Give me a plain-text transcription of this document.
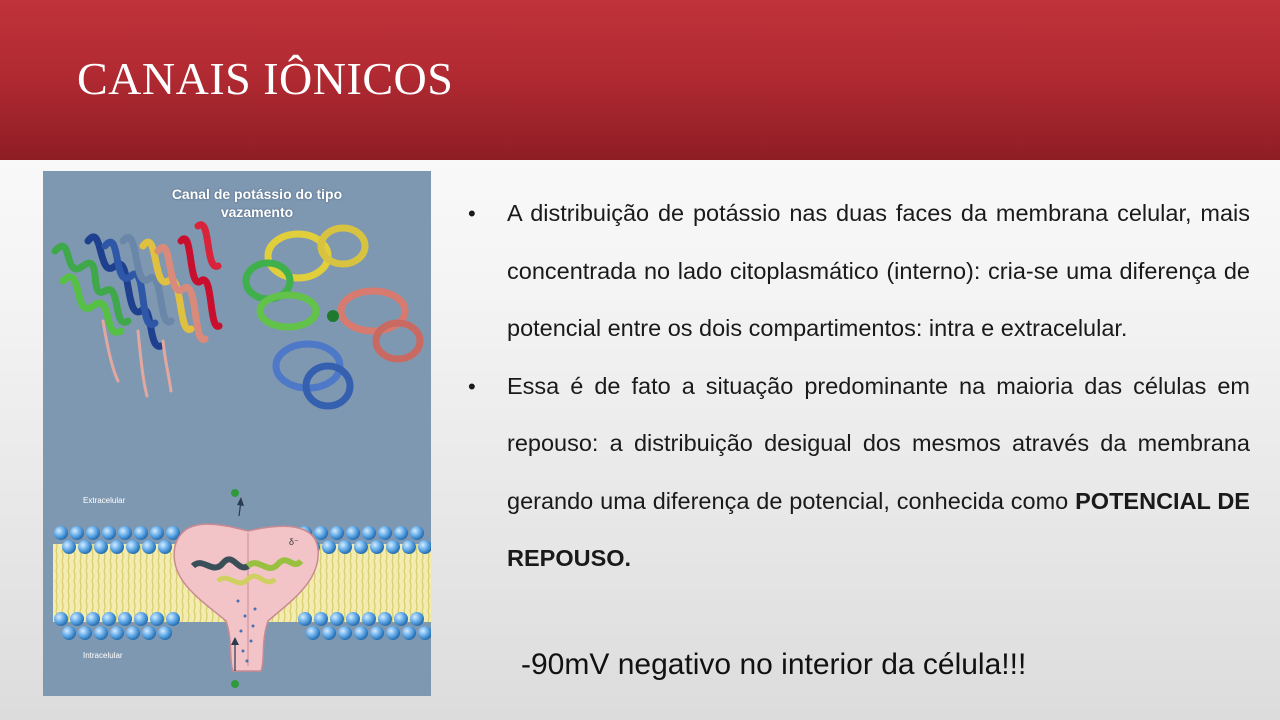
CANAIS IÔNICOS
Canal de potássio do tipo
vazamento
Extracelular
Intracelular
δ⁻
• A distribuição de potássio nas duas faces da membrana celular, mais concentrada no lado citoplasmático (interno): cria-se uma diferença de potencial entre os dois compartimentos: intra e extracelular.
• Essa é de fato a situação predominante na maioria das células em repouso: a distribuição desigual dos mesmos através da membrana gerando uma diferença de potencial, conhecida como POTENCIAL DE REPOUSO.
-90mV negativo no interior da célula!!!
